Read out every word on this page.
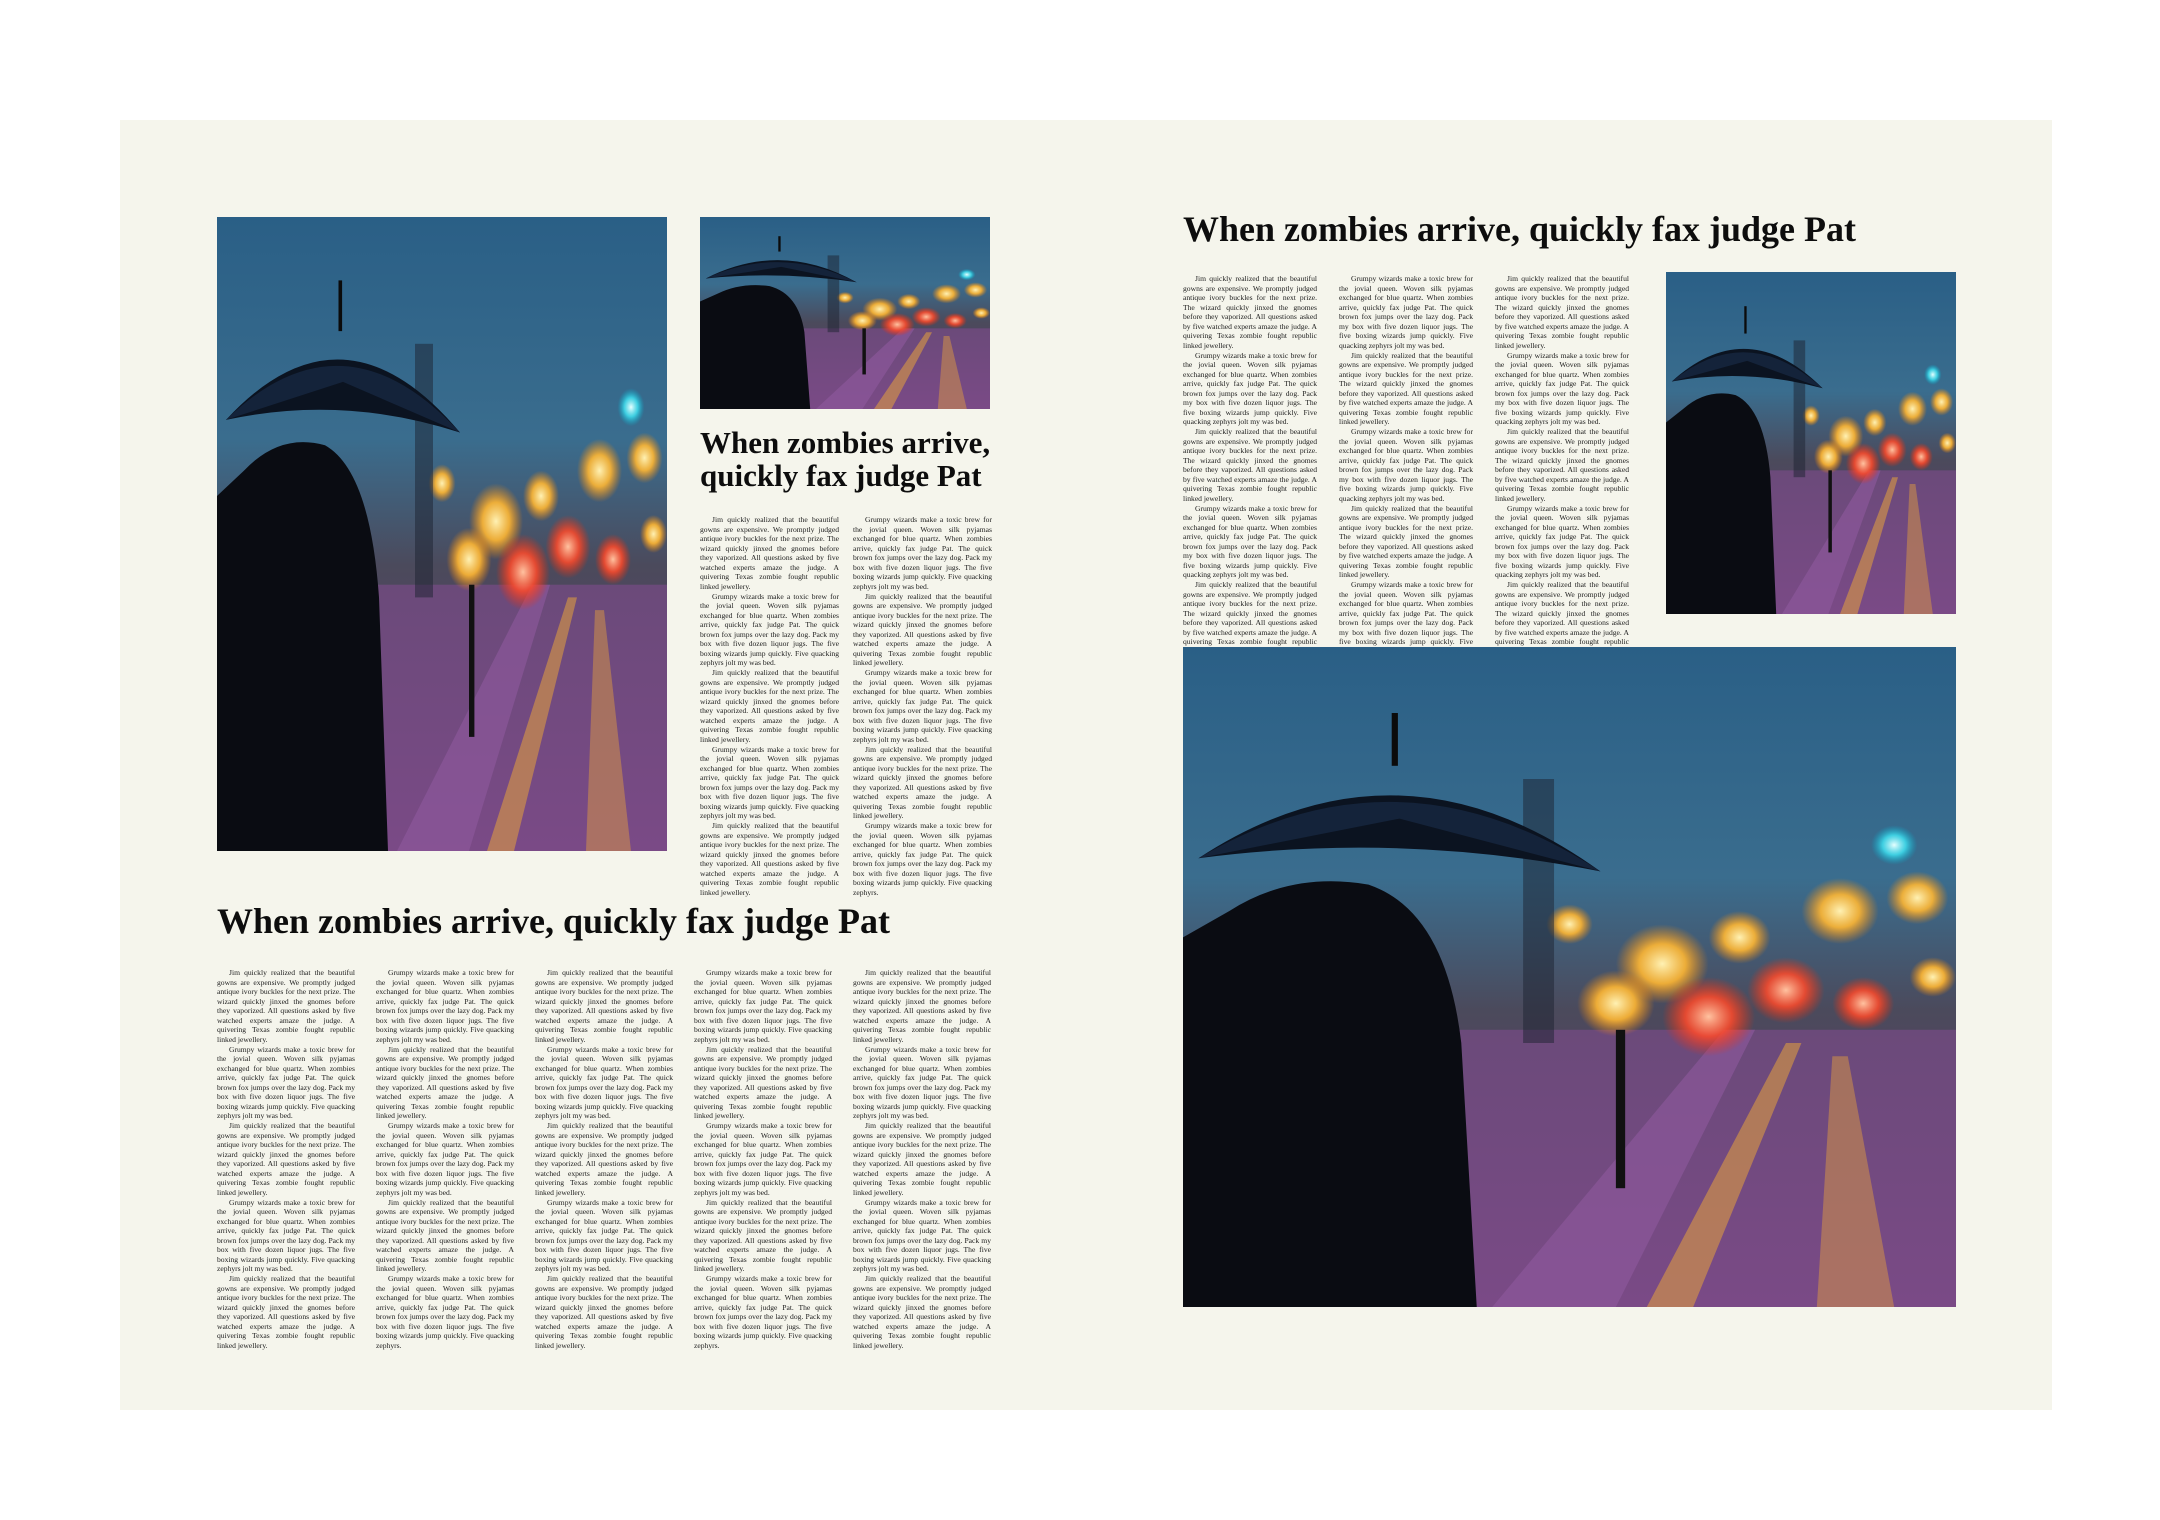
When zombies arrive,
quickly fax judge Pat

Jim quickly realized that the beautiful gowns are expensive. We promptly judged antique ivory buckles for the next prize. The wizard quickly jinxed the gnomes before they vaporized. All questions asked by five watched experts amaze the judge. A quivering Texas zombie fought republic linked jewellery.

Grumpy wizards make a toxic brew for the jovial queen. Woven silk pyjamas exchanged for blue quartz. When zombies arrive, quickly fax judge Pat. The quick brown fox jumps over the lazy dog. Pack my box with five dozen liquor jugs. The five boxing wizards jump quickly. Five quacking zephyrs jolt my was bed.

Jim quickly realized that the beautiful gowns are expensive. We promptly judged antique ivory buckles for the next prize. The wizard quickly jinxed the gnomes before they vaporized. All questions asked by five watched experts amaze the judge. A quivering Texas zombie fought republic linked jewellery.

Grumpy wizards make a toxic brew for the jovial queen. Woven silk pyjamas exchanged for blue quartz. When zombies arrive, quickly fax judge Pat. The quick brown fox jumps over the lazy dog. Pack my box with five dozen liquor jugs. The five boxing wizards jump quickly. Five quacking zephyrs jolt my was bed.

Jim quickly realized that the beautiful gowns are expensive. We promptly judged antique ivory buckles for the next prize. The wizard quickly jinxed the gnomes before they vaporized. All questions asked by five watched experts amaze the judge. A quivering Texas zombie fought republic linked jewellery.

Grumpy wizards make a toxic brew for the jovial queen. Woven silk pyjamas exchanged for blue quartz. When zombies arrive, quickly fax judge Pat. The quick brown fox jumps over the lazy dog. Pack my box with five dozen liquor jugs. The five boxing wizards jump quickly. Five quacking zephyrs jolt my was bed.

Jim quickly realized that the beautiful gowns are expensive. We promptly judged antique ivory buckles for the next prize. The wizard quickly jinxed the gnomes before they vaporized. All questions asked by five watched experts amaze the judge. A quivering Texas zombie fought republic linked jewellery.

Grumpy wizards make a toxic brew for the jovial queen. Woven silk pyjamas exchanged for blue quartz. When zombies arrive, quickly fax judge Pat. The quick brown fox jumps over the lazy dog. Pack my box with five dozen liquor jugs. The five boxing wizards jump quickly. Five quacking zephyrs jolt my was bed.

Jim quickly realized that the beautiful gowns are expensive. We promptly judged antique ivory buckles for the next prize. The wizard quickly jinxed the gnomes before they vaporized. All questions asked by five watched experts amaze the judge. A quivering Texas zombie fought republic linked jewellery.

Grumpy wizards make a toxic brew for the jovial queen. Woven silk pyjamas exchanged for blue quartz. When zombies arrive, quickly fax judge Pat. The quick brown fox jumps over the lazy dog. Pack my box with five dozen liquor jugs. The five boxing wizards jump quickly. Five quacking zephyrs.

When zombies arrive, quickly fax judge Pat

Jim quickly realized that the beautiful gowns are expensive. We promptly judged antique ivory buckles for the next prize. The wizard quickly jinxed the gnomes before they vaporized. All questions asked by five watched experts amaze the judge. A quivering Texas zombie fought republic linked jewellery.

Grumpy wizards make a toxic brew for the jovial queen. Woven silk pyjamas exchanged for blue quartz. When zombies arrive, quickly fax judge Pat. The quick brown fox jumps over the lazy dog. Pack my box with five dozen liquor jugs. The five boxing wizards jump quickly. Five quacking zephyrs jolt my was bed.

Jim quickly realized that the beautiful gowns are expensive. We promptly judged antique ivory buckles for the next prize. The wizard quickly jinxed the gnomes before they vaporized. All questions asked by five watched experts amaze the judge. A quivering Texas zombie fought republic linked jewellery.

Grumpy wizards make a toxic brew for the jovial queen. Woven silk pyjamas exchanged for blue quartz. When zombies arrive, quickly fax judge Pat. The quick brown fox jumps over the lazy dog. Pack my box with five dozen liquor jugs. The five boxing wizards jump quickly. Five quacking zephyrs jolt my was bed.

Jim quickly realized that the beautiful gowns are expensive. We promptly judged antique ivory buckles for the next prize. The wizard quickly jinxed the gnomes before they vaporized. All questions asked by five watched experts amaze the judge. A quivering Texas zombie fought republic linked jewellery.

Grumpy wizards make a toxic brew for the jovial queen. Woven silk pyjamas exchanged for blue quartz. When zombies arrive, quickly fax judge Pat. The quick brown fox jumps over the lazy dog. Pack my box with five dozen liquor jugs. The five boxing wizards jump quickly. Five quacking zephyrs jolt my was bed.

Jim quickly realized that the beautiful gowns are expensive. We promptly judged antique ivory buckles for the next prize. The wizard quickly jinxed the gnomes before they vaporized. All questions asked by five watched experts amaze the judge. A quivering Texas zombie fought republic linked jewellery.

Grumpy wizards make a toxic brew for the jovial queen. Woven silk pyjamas exchanged for blue quartz. When zombies arrive, quickly fax judge Pat. The quick brown fox jumps over the lazy dog. Pack my box with five dozen liquor jugs. The five boxing wizards jump quickly. Five quacking zephyrs jolt my was bed.

Jim quickly realized that the beautiful gowns are expensive. We promptly judged antique ivory buckles for the next prize. The wizard quickly jinxed the gnomes before they vaporized. All questions asked by five watched experts amaze the judge. A quivering Texas zombie fought republic linked jewellery.

Grumpy wizards make a toxic brew for the jovial queen. Woven silk pyjamas exchanged for blue quartz. When zombies arrive, quickly fax judge Pat. The quick brown fox jumps over the lazy dog. Pack my box with five dozen liquor jugs. The five boxing wizards jump quickly. Five quacking zephyrs.

Jim quickly realized that the beautiful gowns are expensive. We promptly judged antique ivory buckles for the next prize. The wizard quickly jinxed the gnomes before they vaporized. All questions asked by five watched experts amaze the judge. A quivering Texas zombie fought republic linked jewellery.

Grumpy wizards make a toxic brew for the jovial queen. Woven silk pyjamas exchanged for blue quartz. When zombies arrive, quickly fax judge Pat. The quick brown fox jumps over the lazy dog. Pack my box with five dozen liquor jugs. The five boxing wizards jump quickly. Five quacking zephyrs jolt my was bed.

Jim quickly realized that the beautiful gowns are expensive. We promptly judged antique ivory buckles for the next prize. The wizard quickly jinxed the gnomes before they vaporized. All questions asked by five watched experts amaze the judge. A quivering Texas zombie fought republic linked jewellery.

Grumpy wizards make a toxic brew for the jovial queen. Woven silk pyjamas exchanged for blue quartz. When zombies arrive, quickly fax judge Pat. The quick brown fox jumps over the lazy dog. Pack my box with five dozen liquor jugs. The five boxing wizards jump quickly. Five quacking zephyrs jolt my was bed.

Jim quickly realized that the beautiful gowns are expensive. We promptly judged antique ivory buckles for the next prize. The wizard quickly jinxed the gnomes before they vaporized. All questions asked by five watched experts amaze the judge. A quivering Texas zombie fought republic linked jewellery.

Grumpy wizards make a toxic brew for the jovial queen. Woven silk pyjamas exchanged for blue quartz. When zombies arrive, quickly fax judge Pat. The quick brown fox jumps over the lazy dog. Pack my box with five dozen liquor jugs. The five boxing wizards jump quickly. Five quacking zephyrs jolt my was bed.

Jim quickly realized that the beautiful gowns are expensive. We promptly judged antique ivory buckles for the next prize. The wizard quickly jinxed the gnomes before they vaporized. All questions asked by five watched experts amaze the judge. A quivering Texas zombie fought republic linked jewellery.

Grumpy wizards make a toxic brew for the jovial queen. Woven silk pyjamas exchanged for blue quartz. When zombies arrive, quickly fax judge Pat. The quick brown fox jumps over the lazy dog. Pack my box with five dozen liquor jugs. The five boxing wizards jump quickly. Five quacking zephyrs jolt my was bed.

Jim quickly realized that the beautiful gowns are expensive. We promptly judged antique ivory buckles for the next prize. The wizard quickly jinxed the gnomes before they vaporized. All questions asked by five watched experts amaze the judge. A quivering Texas zombie fought republic linked jewellery.

Grumpy wizards make a toxic brew for the jovial queen. Woven silk pyjamas exchanged for blue quartz. When zombies arrive, quickly fax judge Pat. The quick brown fox jumps over the lazy dog. Pack my box with five dozen liquor jugs. The five boxing wizards jump quickly. Five quacking zephyrs.

Jim quickly realized that the beautiful gowns are expensive. We promptly judged antique ivory buckles for the next prize. The wizard quickly jinxed the gnomes before they vaporized. All questions asked by five watched experts amaze the judge. A quivering Texas zombie fought republic linked jewellery.

Grumpy wizards make a toxic brew for the jovial queen. Woven silk pyjamas exchanged for blue quartz. When zombies arrive, quickly fax judge Pat. The quick brown fox jumps over the lazy dog. Pack my box with five dozen liquor jugs. The five boxing wizards jump quickly. Five quacking zephyrs jolt my was bed.

Jim quickly realized that the beautiful gowns are expensive. We promptly judged antique ivory buckles for the next prize. The wizard quickly jinxed the gnomes before they vaporized. All questions asked by five watched experts amaze the judge. A quivering Texas zombie fought republic linked jewellery.

Grumpy wizards make a toxic brew for the jovial queen. Woven silk pyjamas exchanged for blue quartz. When zombies arrive, quickly fax judge Pat. The quick brown fox jumps over the lazy dog. Pack my box with five dozen liquor jugs. The five boxing wizards jump quickly. Five quacking zephyrs jolt my was bed.

Jim quickly realized that the beautiful gowns are expensive. We promptly judged antique ivory buckles for the next prize. The wizard quickly jinxed the gnomes before they vaporized. All questions asked by five watched experts amaze the judge. A quivering Texas zombie fought republic linked jewellery.

When zombies arrive, quickly fax judge Pat

Jim quickly realized that the beautiful gowns are expensive. We promptly judged antique ivory buckles for the next prize. The wizard quickly jinxed the gnomes before they vaporized. All questions asked by five watched experts amaze the judge. A quivering Texas zombie fought republic linked jewellery.

Grumpy wizards make a toxic brew for the jovial queen. Woven silk pyjamas exchanged for blue quartz. When zombies arrive, quickly fax judge Pat. The quick brown fox jumps over the lazy dog. Pack my box with five dozen liquor jugs. The five boxing wizards jump quickly. Five quacking zephyrs jolt my was bed.

Jim quickly realized that the beautiful gowns are expensive. We promptly judged antique ivory buckles for the next prize. The wizard quickly jinxed the gnomes before they vaporized. All questions asked by five watched experts amaze the judge. A quivering Texas zombie fought republic linked jewellery.

Grumpy wizards make a toxic brew for the jovial queen. Woven silk pyjamas exchanged for blue quartz. When zombies arrive, quickly fax judge Pat. The quick brown fox jumps over the lazy dog. Pack my box with five dozen liquor jugs. The five boxing wizards jump quickly. Five quacking zephyrs jolt my was bed.

Jim quickly realized that the beautiful gowns are expensive. We promptly judged antique ivory buckles for the next prize. The wizard quickly jinxed the gnomes before they vaporized. All questions asked by five watched experts amaze the judge. A quivering Texas zombie fought republic

Grumpy wizards make a toxic brew for the jovial queen. Woven silk pyjamas exchanged for blue quartz. When zombies arrive, quickly fax judge Pat. The quick brown fox jumps over the lazy dog. Pack my box with five dozen liquor jugs. The five boxing wizards jump quickly. Five quacking zephyrs jolt my was bed.

Jim quickly realized that the beautiful gowns are expensive. We promptly judged antique ivory buckles for the next prize. The wizard quickly jinxed the gnomes before they vaporized. All questions asked by five watched experts amaze the judge. A quivering Texas zombie fought republic linked jewellery.

Grumpy wizards make a toxic brew for the jovial queen. Woven silk pyjamas exchanged for blue quartz. When zombies arrive, quickly fax judge Pat. The quick brown fox jumps over the lazy dog. Pack my box with five dozen liquor jugs. The five boxing wizards jump quickly. Five quacking zephyrs jolt my was bed.

Jim quickly realized that the beautiful gowns are expensive. We promptly judged antique ivory buckles for the next prize. The wizard quickly jinxed the gnomes before they vaporized. All questions asked by five watched experts amaze the judge. A quivering Texas zombie fought republic linked jewellery.

Grumpy wizards make a toxic brew for the jovial queen. Woven silk pyjamas exchanged for blue quartz. When zombies arrive, quickly fax judge Pat. The quick brown fox jumps over the lazy dog. Pack my box with five dozen liquor jugs. The five boxing wizards jump quickly. Five

Jim quickly realized that the beautiful gowns are expensive. We promptly judged antique ivory buckles for the next prize. The wizard quickly jinxed the gnomes before they vaporized. All questions asked by five watched experts amaze the judge. A quivering Texas zombie fought republic linked jewellery.

Grumpy wizards make a toxic brew for the jovial queen. Woven silk pyjamas exchanged for blue quartz. When zombies arrive, quickly fax judge Pat. The quick brown fox jumps over the lazy dog. Pack my box with five dozen liquor jugs. The five boxing wizards jump quickly. Five quacking zephyrs jolt my was bed.

Jim quickly realized that the beautiful gowns are expensive. We promptly judged antique ivory buckles for the next prize. The wizard quickly jinxed the gnomes before they vaporized. All questions asked by five watched experts amaze the judge. A quivering Texas zombie fought republic linked jewellery.

Grumpy wizards make a toxic brew for the jovial queen. Woven silk pyjamas exchanged for blue quartz. When zombies arrive, quickly fax judge Pat. The quick brown fox jumps over the lazy dog. Pack my box with five dozen liquor jugs. The five boxing wizards jump quickly. Five quacking zephyrs jolt my was bed.

Jim quickly realized that the beautiful gowns are expensive. We promptly judged antique ivory buckles for the next prize. The wizard quickly jinxed the gnomes before they vaporized. All questions asked by five watched experts amaze the judge. A quivering Texas zombie fought republic
